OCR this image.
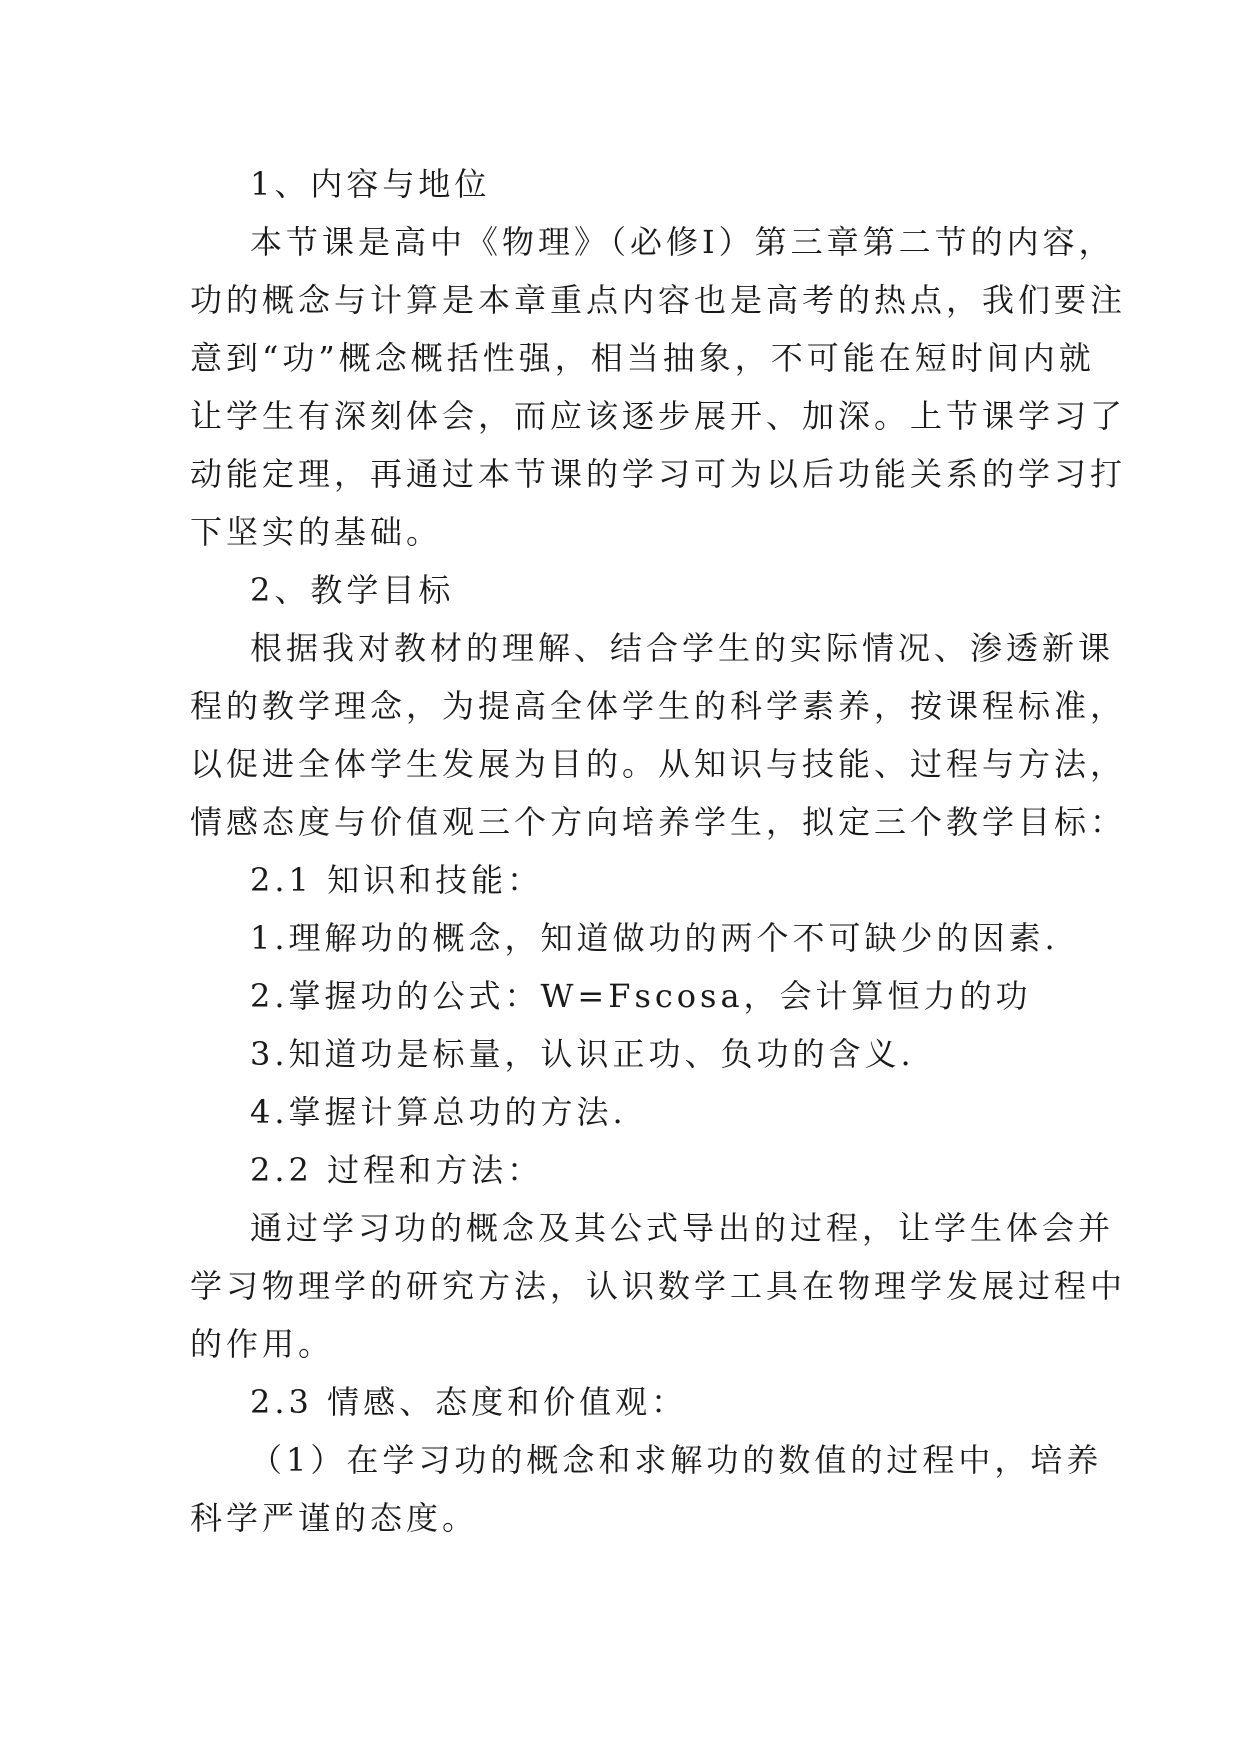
1、内容与地位
本节课是高中《物理》（必修Ⅰ）第三章第二节的内容，
功的概念与计算是本章重点内容也是高考的热点，我们要注
意到“功”概念概括性强，相当抽象，不可能在短时间内就
让学生有深刻体会，而应该逐步展开、加深。上节课学习了
动能定理，再通过本节课的学习可为以后功能关系的学习打
下坚实的基础。
2、教学目标
根据我对教材的理解、结合学生的实际情况、渗透新课
程的教学理念，为提高全体学生的科学素养，按课程标准，
以促进全体学生发展为目的。从知识与技能、过程与方法，
情感态度与价值观三个方向培养学生，拟定三个教学目标：
2.1 知识和技能：
1.理解功的概念，知道做功的两个不可缺少的因素.
2.掌握功的公式：W=Fscosa，会计算恒力的功
3.知道功是标量，认识正功、负功的含义.
4.掌握计算总功的方法.
2.2 过程和方法：
通过学习功的概念及其公式导出的过程，让学生体会并
学习物理学的研究方法，认识数学工具在物理学发展过程中
的作用。
2.3 情感、态度和价值观：
（1）在学习功的概念和求解功的数值的过程中，培养
科学严谨的态度。
